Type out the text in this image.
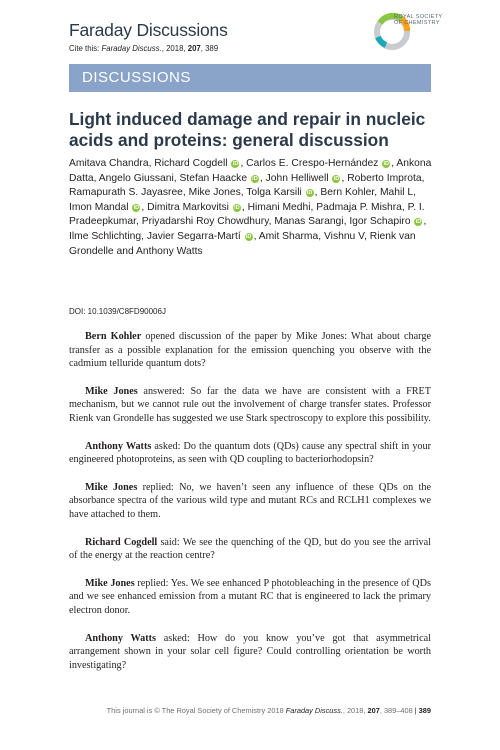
Faraday Discussions
Cite this: Faraday Discuss., 2018, 207, 389
ROYAL SOCIETY
OF CHEMISTRY
DISCUSSIONS
Light induced damage and repair in nucleic acids and proteins: general discussion

Amitava Chandra, Richard Cogdell iD , Carlos E. Crespo-Hernández iD , Ankona Datta, Angelo Giussani, Stefan Haacke iD , John Helliwell iD , Roberto Improta, Ramapurath S. Jayasree, Mike Jones, Tolga Karsili iD , Bern Kohler, Mahil L, Imon Mandal iD , Dimitra Markovitsi iD , Himani Medhi, Padmaja P. Mishra, P. I. Pradeepkumar, Priyadarshi Roy Chowdhury, Manas Sarangi, Igor Schapiro iD , Ilme Schlichting, Javier Segarra-Martí iD , Amit Sharma, Vishnu V, Rienk van Grondelle and Anthony Watts

DOI: 10.1039/C8FD90006J

Bern Kohler opened discussion of the paper by Mike Jones: What about charge transfer as a possible explanation for the emission quenching you observe with the cadmium telluride quantum dots?

Mike Jones answered: So far the data we have are consistent with a FRET mechanism, but we cannot rule out the involvement of charge transfer states. Professor Rienk van Grondelle has suggested we use Stark spectroscopy to explore this possibility.

Anthony Watts asked: Do the quantum dots (QDs) cause any spectral shift in your engineered photoproteins, as seen with QD coupling to bacteriorhodopsin?

Mike Jones replied: No, we haven’t seen any influence of these QDs on the absorbance spectra of the various wild type and mutant RCs and RCLH1 complexes we have attached to them.

Richard Cogdell said: We see the quenching of the QD, but do you see the arrival of the energy at the reaction centre?

Mike Jones replied: Yes. We see enhanced P photobleaching in the presence of QDs and we see enhanced emission from a mutant RC that is engineered to lack the primary electron donor.

Anthony Watts asked: How do you know you’ve got that asymmetrical arrangement shown in your solar cell figure? Could controlling orientation be worth investigating?

This journal is © The Royal Society of Chemistry 2018 Faraday Discuss., 2018, 207, 389–408 | 389
